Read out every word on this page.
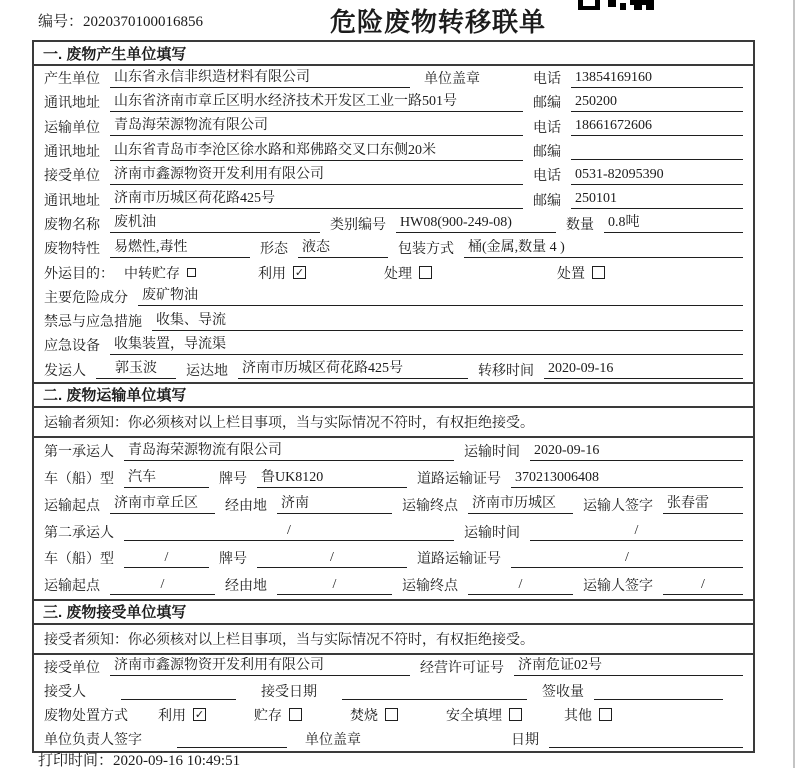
编号：2020370100016856	危险废物转移联单
一. 废物产生单位填写
产生单位 山东省永信非织造材料有限公司	单位盖章	电话 13854169160
通讯地址 山东省济南市章丘区明水经济技术开发区工业一路501号	邮编 250200
运输单位 青岛海荣源物流有限公司	电话 18661672606
通讯地址 山东省青岛市李沧区徐水路和郑佛路交叉口东侧20米	邮编
接受单位 济南市鑫源物资开发利用有限公司	电话 0531-82095390
通讯地址 济南市历城区荷花路425号	邮编 250101
废物名称 废机油	类别编号 HW08(900-249-08)	数量 0.8吨
废物特性 易燃性,毒性	形态 液态	包装方式 桶(金属,数量 4 )
外运目的： 中转贮存	利用 ✓	处理	处置
主要危险成分 废矿物油
禁忌与应急措施 收集、导流
应急设备 收集装置，导流渠
发运人	郭玉波	运达地 济南市历城区荷花路425号	转移时间 2020-09-16
二. 废物运输单位填写
运输者须知：你必须核对以上栏目事项，当与实际情况不符时，有权拒绝接受。
第一承运人 青岛海荣源物流有限公司	运输时间 2020-09-16
车（船）型 汽车	牌号 鲁UK8120	道路运输证号 370213006408
运输起点 济南市章丘区	经由地 济南	运输终点 济南市历城区	运输人签字 张春雷
第二承运人	/	运输时间	/
车（船）型	/	牌号	/	道路运输证号	/
运输起点	/	经由地	/	运输终点	/	运输人签字	/
三. 废物接受单位填写
接受者须知：你必须核对以上栏目事项，当与实际情况不符时，有权拒绝接受。
接受单位 济南市鑫源物资开发利用有限公司	经营许可证号 济南危证02号
接受人	接受日期	签收量
废物处置方式 利用 ✓	贮存	焚烧	安全填埋	其他
单位负责人签字	单位盖章	日期
打印时间：2020-09-16 10:49:51
